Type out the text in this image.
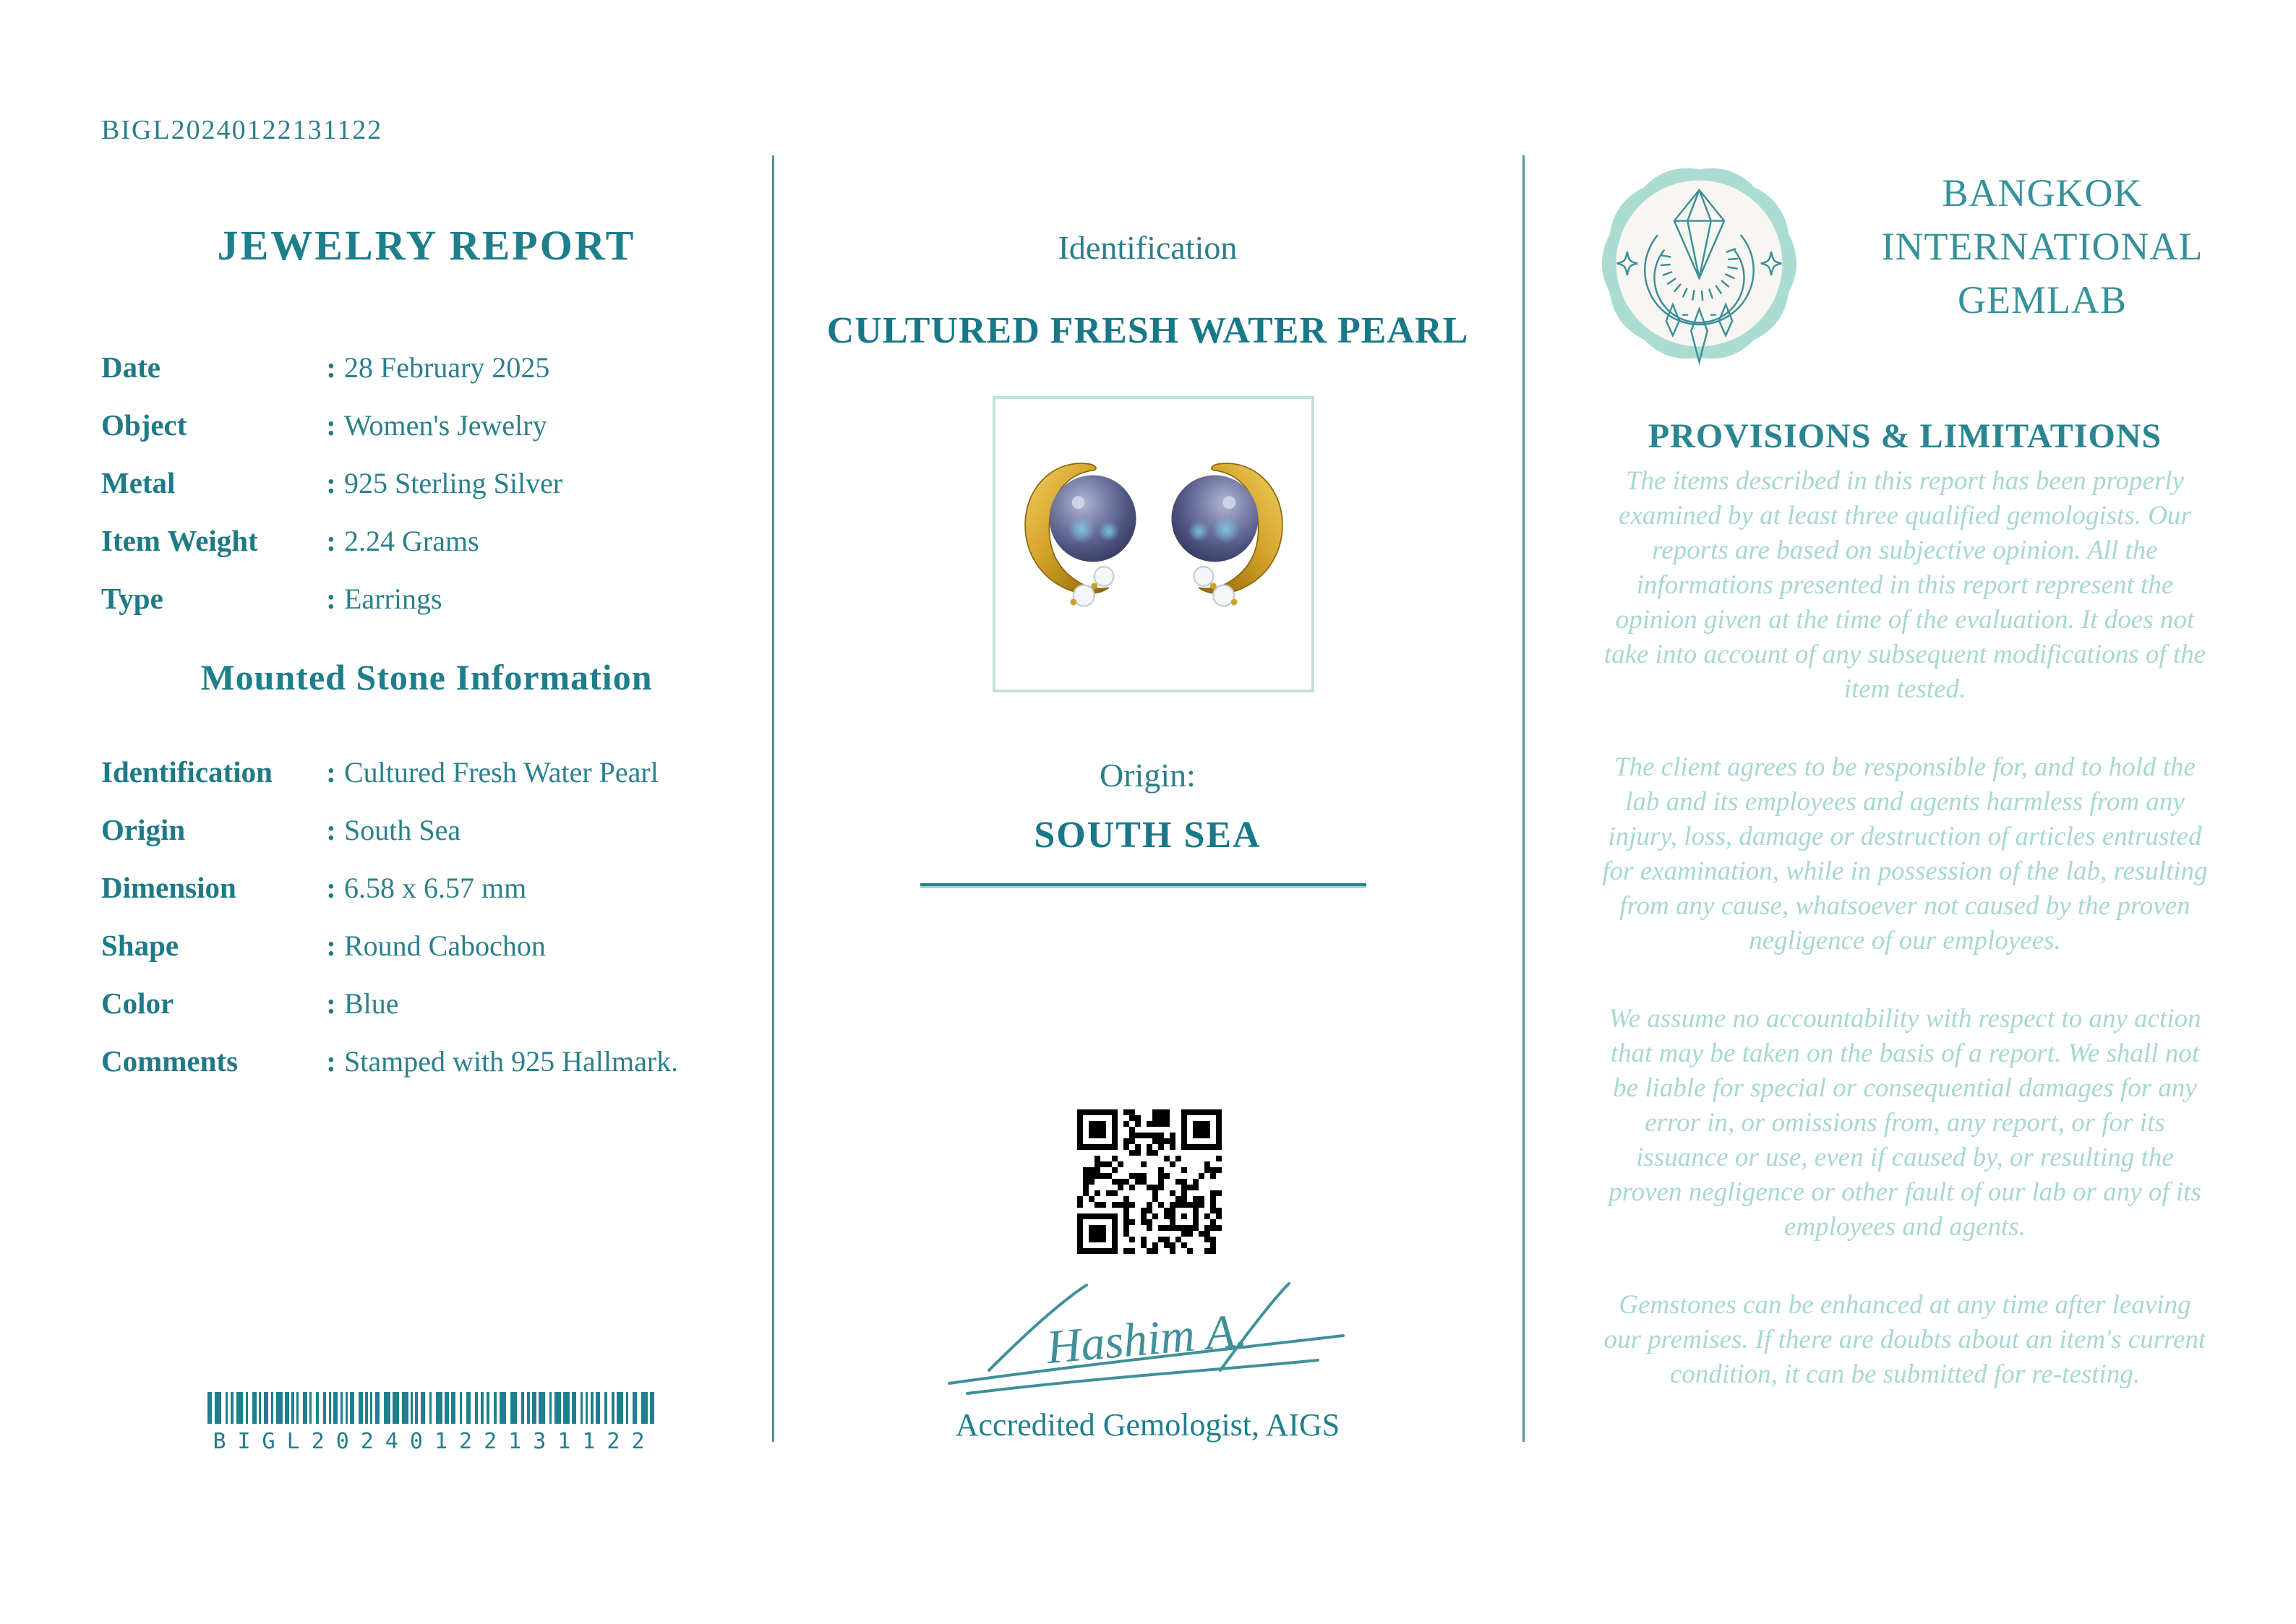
BIGL20240122131122
JEWELRY REPORT
Date	: 28 February 2025
Object	: Women's Jewelry
Metal	: 925 Sterling Silver
Item Weight	: 2.24 Grams
Type	: Earrings
Mounted Stone Information
Identification	: Cultured Fresh Water Pearl
Origin	: South Sea
Dimension	: 6.58 x 6.57 mm
Shape	: Round Cabochon
Color	: Blue
Comments	: Stamped with 925 Hallmark.
BIGL20240122131122
Identification
CULTURED FRESH WATER PEARL
Origin:
SOUTH SEA
Hashim A.
Accredited Gemologist, AIGS
BANGKOK
INTERNATIONAL
GEMLAB
PROVISIONS & LIMITATIONS

The items described in this report has been properly examined by at least three qualified gemologists. Our reports are based on subjective opinion. All the informations presented in this report represent the opinion given at the time of the evaluation. It does not take into account of any subsequent modifications of the item tested.

The client agrees to be responsible for, and to hold the lab and its employees and agents harmless from any injury, loss, damage or destruction of articles entrusted for examination, while in possession of the lab, resulting from any cause, whatsoever not caused by the proven negligence of our employees.

We assume no accountability with respect to any action that may be taken on the basis of a report. We shall not be liable for special or consequential damages for any error in, or omissions from, any report, or for its issuance or use, even if caused by, or resulting the proven negligence or other fault of our lab or any of its employees and agents.

Gemstones can be enhanced at any time after leaving our premises. If there are doubts about an item's current condition, it can be submitted for re-testing.
